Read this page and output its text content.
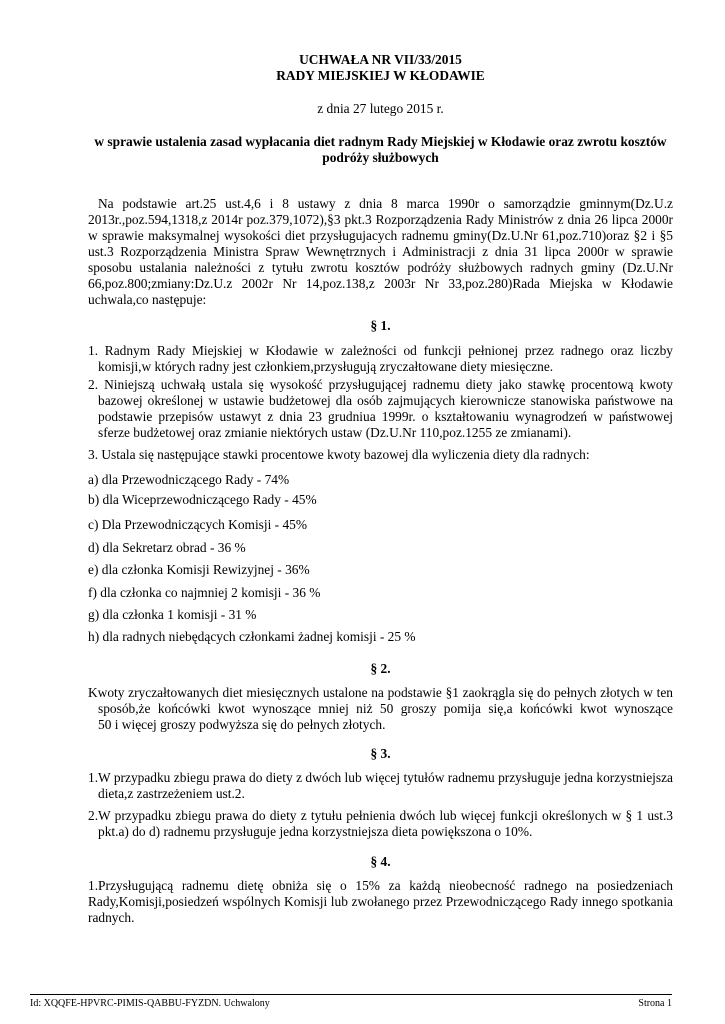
UCHWAŁA NR VII/33/2015
RADY MIEJSKIEJ W KŁODAWIE
z dnia 27 lutego 2015 r.
w sprawie ustalenia zasad wypłacania diet radnym Rady Miejskiej w Kłodawie oraz zwrotu kosztów
podróży służbowych
Na podstawie art.25 ust.4,6 i 8 ustawy z dnia 8 marca 1990r o samorządzie gminnym(Dz.U.z
2013r.,poz.594,1318,z 2014r poz.379,1072),§3 pkt.3 Rozporządzenia Rady Ministrów z dnia 26 lipca 2000r
w sprawie maksymalnej wysokości diet przysługujacych radnemu gminy(Dz.U.Nr 61,poz.710)oraz §2 i §5
ust.3 Rozporządzenia Ministra Spraw Wewnętrznych i Administracji z dnia 31 lipca 2000r w sprawie
sposobu ustalania należności z tytułu zwrotu kosztów podróży służbowych radnych gminy (Dz.U.Nr
66,poz.800;zmiany:Dz.U.z 2002r Nr 14,poz.138,z 2003r Nr 33,poz.280)Rada Miejska w Kłodawie
uchwala,co następuje:
§ 1.
1. Radnym Rady Miejskiej w Kłodawie w zależności od funkcji pełnionej przez radnego oraz liczby
komisji,w których radny jest członkiem,przysługują zryczałtowane diety miesięczne.
2. Niniejszą uchwałą ustala się wysokość przysługującej radnemu diety jako stawkę procentową kwoty
bazowej określonej w ustawie budżetowej dla osób zajmujących kierownicze stanowiska państwowe na
podstawie przepisów ustawyt z dnia 23 grudniua 1999r. o kształtowaniu wynagrodzeń w państwowej
sferze budżetowej oraz zmianie niektórych ustaw (Dz.U.Nr 110,poz.1255 ze zmianami).
3. Ustala się następujące stawki procentowe kwoty bazowej dla wyliczenia diety dla radnych:
a) dla Przewodniczącego Rady - 74%
b) dla Wiceprzewodniczącego Rady - 45%
c) Dla Przewodniczących Komisji - 45%
d) dla Sekretarz obrad - 36 %
e) dla członka Komisji Rewizyjnej - 36%
f) dla członka co najmniej 2 komisji - 36 %
g) dla członka 1 komisji - 31 %
h) dla radnych niebędących członkami żadnej komisji - 25 %
§ 2.
Kwoty zryczałtowanych diet miesięcznych ustalone na podstawie §1 zaokrągla się do pełnych złotych w ten
sposób,że końcówki kwot wynoszące mniej niż 50 groszy pomija się,a końcówki kwot wynoszące
50 i więcej groszy podwyższa się do pełnych złotych.
§ 3.
1.W przypadku zbiegu prawa do diety z dwóch lub więcej tytułów radnemu przysługuje jedna korzystniejsza
dieta,z zastrzeżeniem ust.2.
2.W przypadku zbiegu prawa do diety z tytułu pełnienia dwóch lub więcej funkcji określonych w § 1 ust.3
pkt.a) do d) radnemu przysługuje jedna korzystniejsza dieta powiększona o 10%.
§ 4.
1.Przysługującą radnemu dietę obniża się o 15% za każdą nieobecność radnego na posiedzeniach
Rady,Komisji,posiedzeń wspólnych Komisji lub zwołanego przez Przewodniczącego Rady innego spotkania
radnych.
Id: XQQFE-HPVRC-PIMIS-QABBU-FYZDN. Uchwalony	Strona 1
